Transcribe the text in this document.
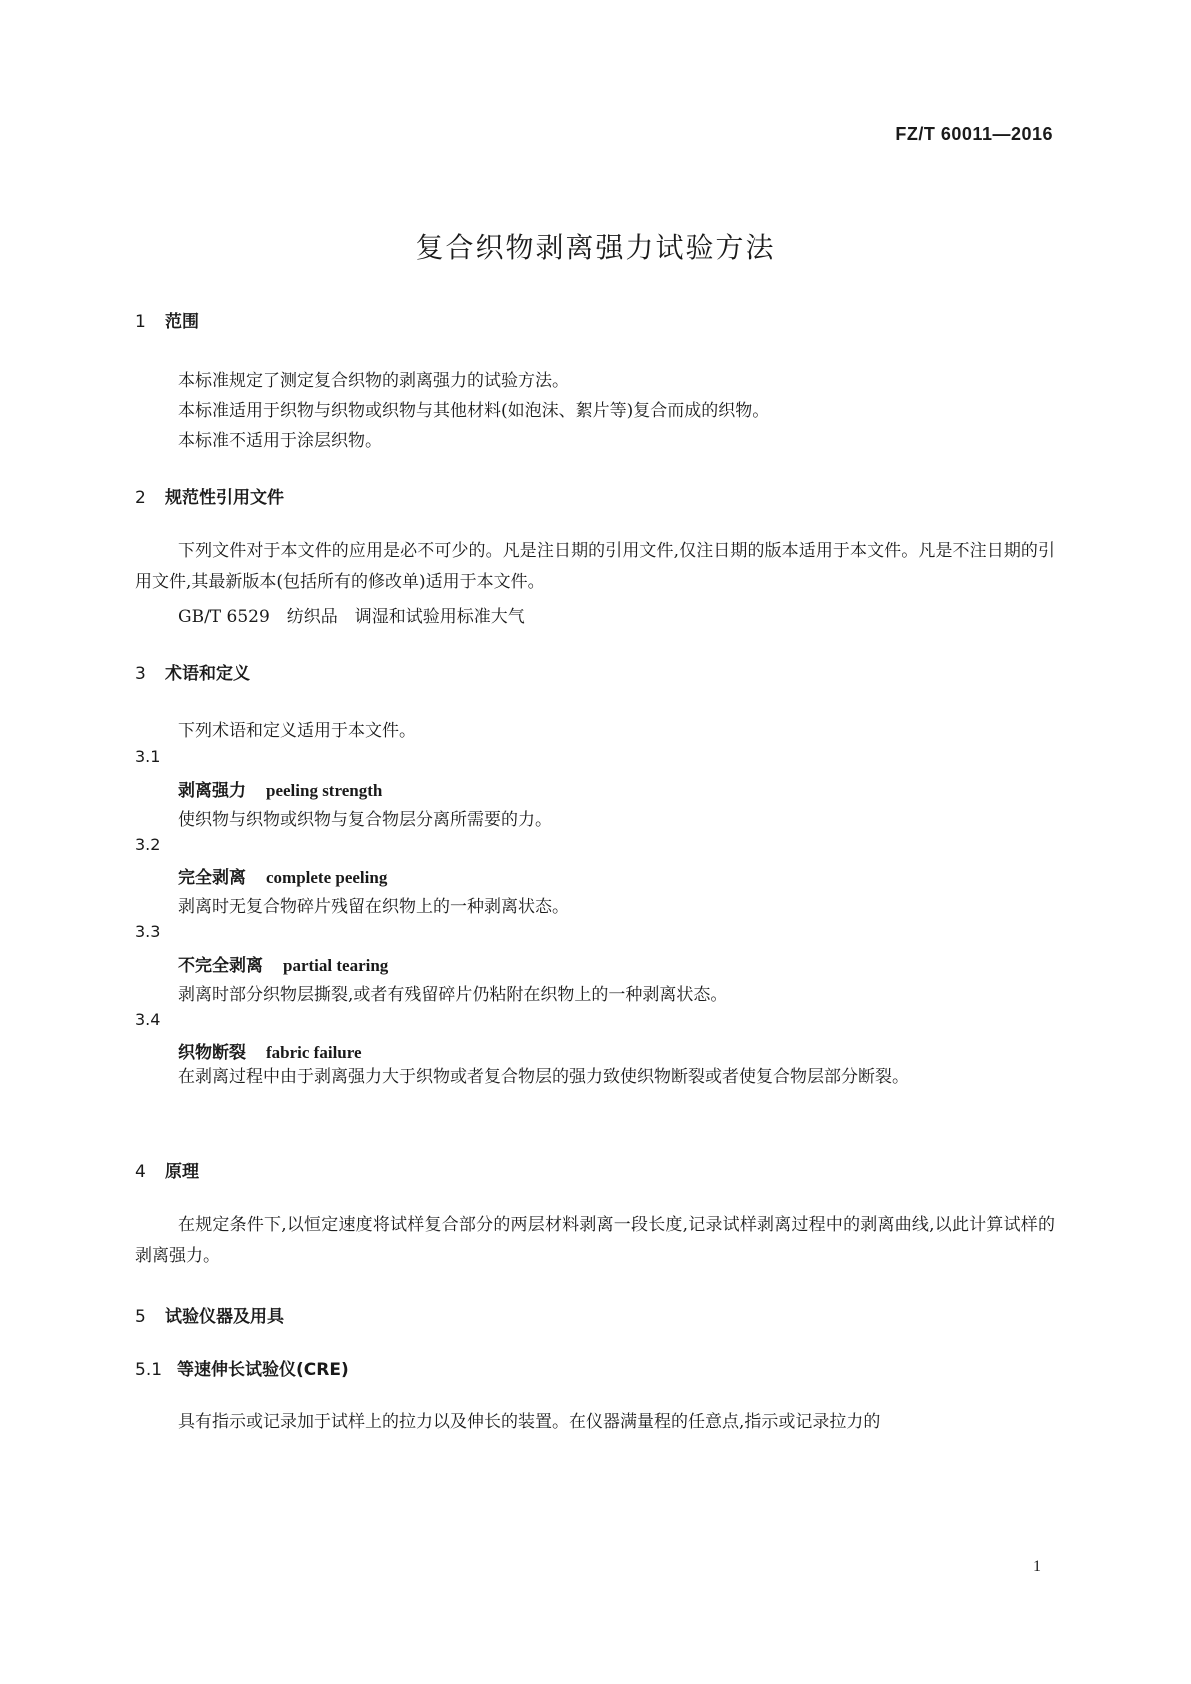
FZ/T 60011—2016
复合织物剥离强力试验方法
1 范围
本标准规定了测定复合织物的剥离强力的试验方法。
本标准适用于织物与织物或织物与其他材料(如泡沫、絮片等)复合而成的织物。
本标准不适用于涂层织物。
2 规范性引用文件
下列文件对于本文件的应用是必不可少的。凡是注日期的引用文件,仅注日期的版本适用于本文件。凡是不注日期的引用文件,其最新版本(包括所有的修改单)适用于本文件。
GB/T 6529　纺织品　调湿和试验用标准大气
3 术语和定义
下列术语和定义适用于本文件。
3.1
剥离强力 peeling strength
使织物与织物或织物与复合物层分离所需要的力。
3.2
完全剥离 complete peeling
剥离时无复合物碎片残留在织物上的一种剥离状态。
3.3
不完全剥离 partial tearing
剥离时部分织物层撕裂,或者有残留碎片仍粘附在织物上的一种剥离状态。
3.4
织物断裂 fabric failure
在剥离过程中由于剥离强力大于织物或者复合物层的强力致使织物断裂或者使复合物层部分断裂。
4 原理
在规定条件下,以恒定速度将试样复合部分的两层材料剥离一段长度,记录试样剥离过程中的剥离曲线,以此计算试样的剥离强力。
5 试验仪器及用具
5.1 等速伸长试验仪(CRE)
具有指示或记录加于试样上的拉力以及伸长的装置。在仪器满量程的任意点,指示或记录拉力的
1
